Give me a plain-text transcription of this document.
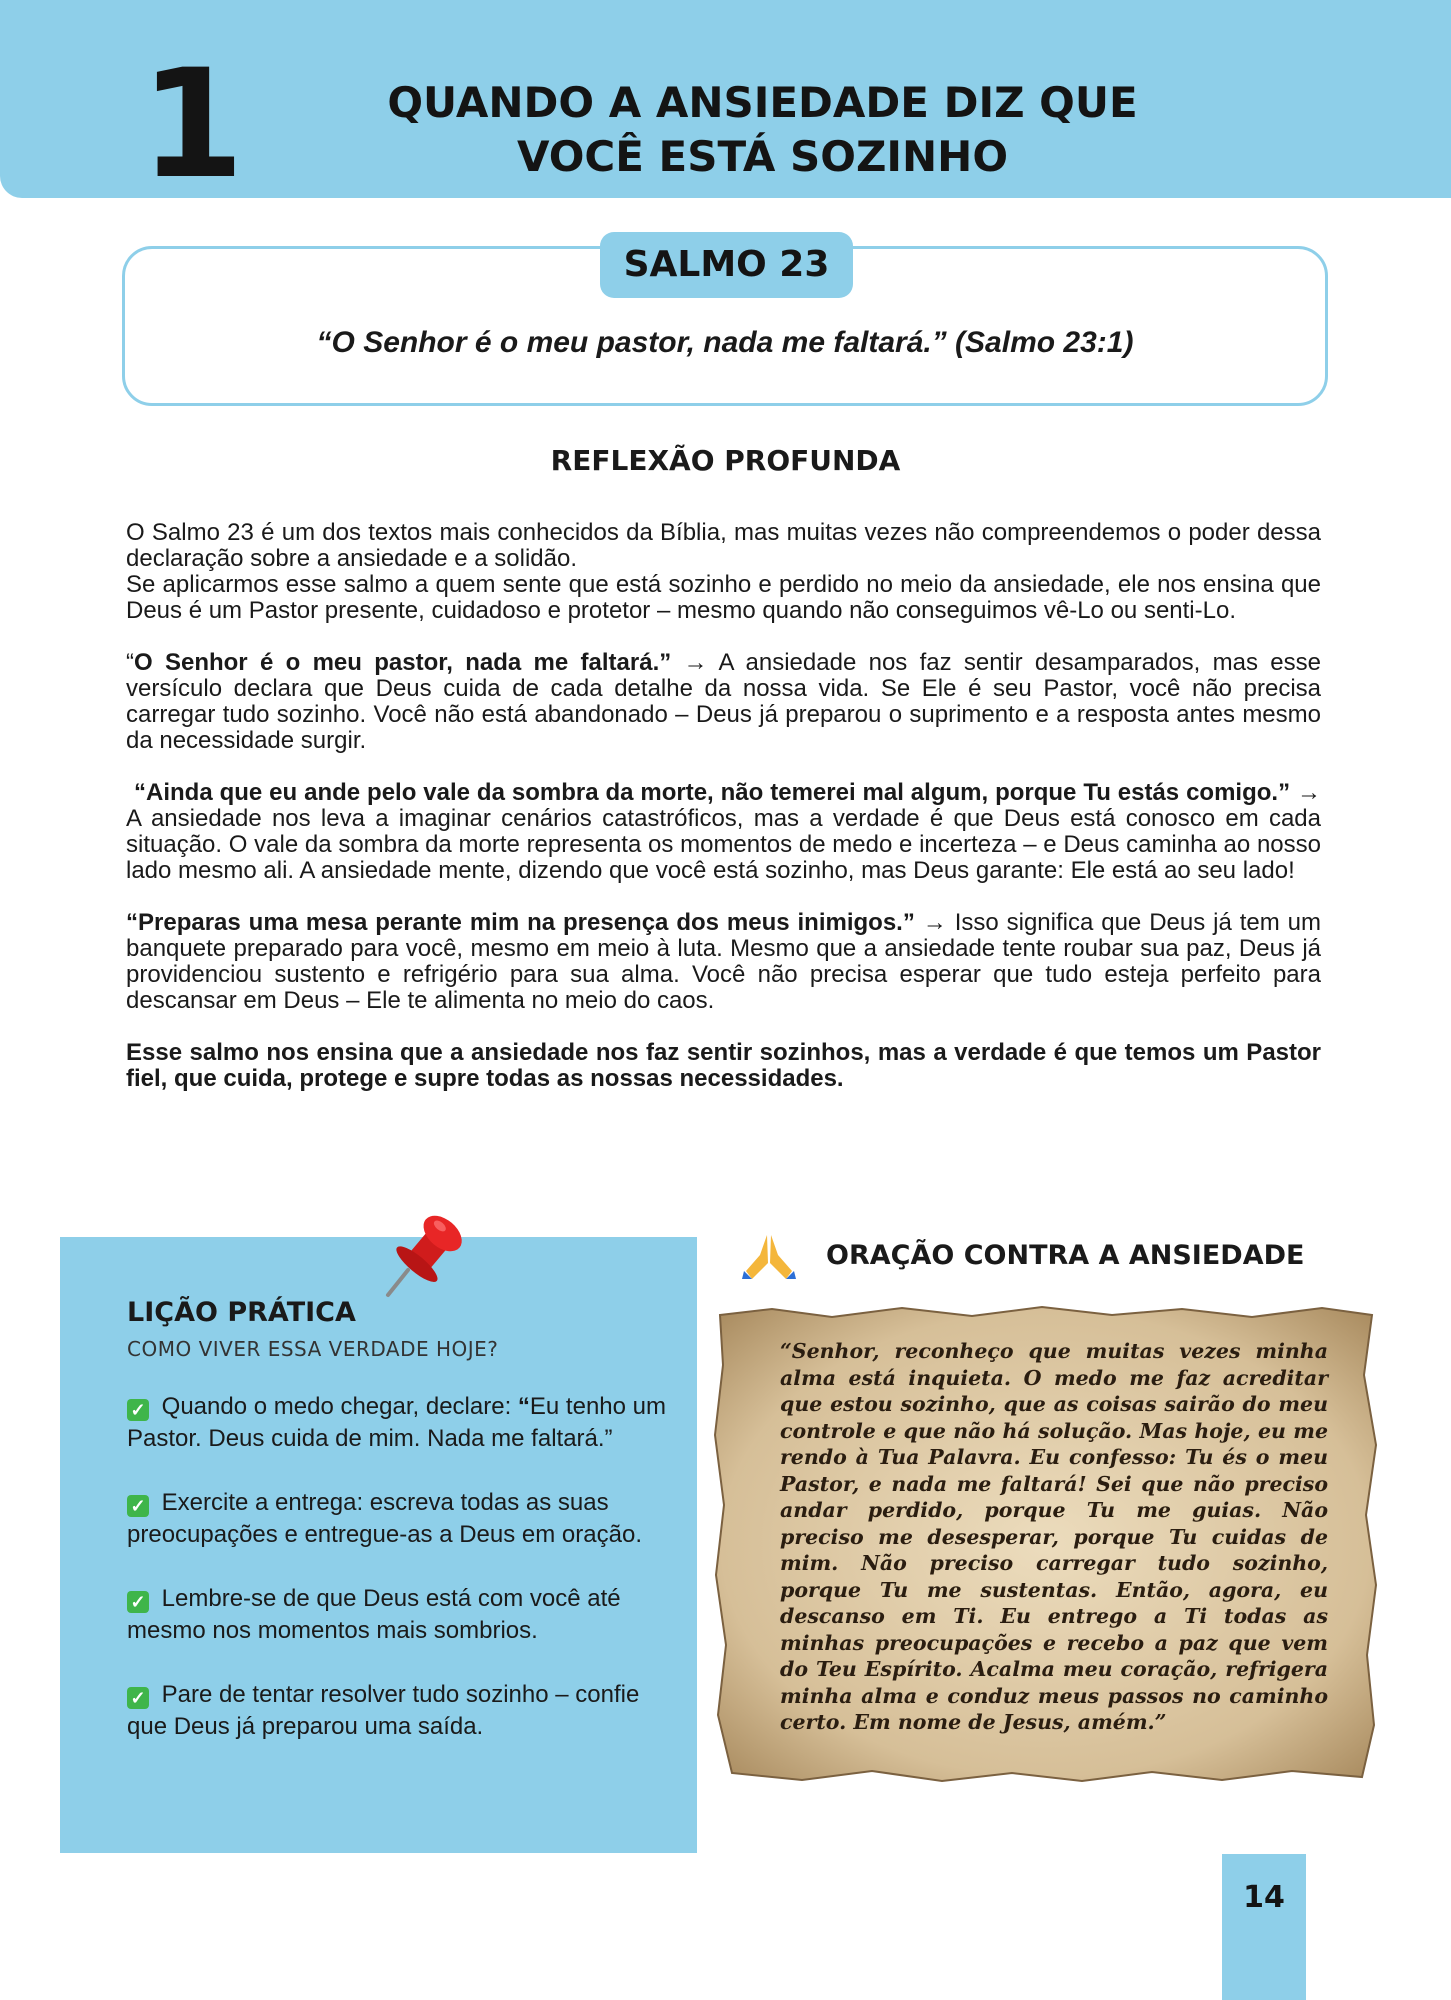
1	QUANDO A ANSIEDADE DIZ QUE
VOCÊ ESTÁ SOZINHO
SALMO 23
“O Senhor é o meu pastor, nada me faltará.” (Salmo 23:1)
REFLEXÃO PROFUNDA

O Salmo 23 é um dos textos mais conhecidos da Bíblia, mas muitas vezes não compreendemos o poder dessa declaração sobre a ansiedade e a solidão.

Se aplicarmos esse salmo a quem sente que está sozinho e perdido no meio da ansiedade, ele nos ensina que Deus é um Pastor presente, cuidadoso e protetor – mesmo quando não conseguimos vê-Lo ou senti-Lo.

“O Senhor é o meu pastor, nada me faltará.” → A ansiedade nos faz sentir desamparados, mas esse versículo declara que Deus cuida de cada detalhe da nossa vida. Se Ele é seu Pastor, você não precisa carregar tudo sozinho. Você não está abandonado – Deus já preparou o suprimento e a resposta antes mesmo da necessidade surgir.

“Ainda que eu ande pelo vale da sombra da morte, não temerei mal algum, porque Tu estás comigo.” → A ansiedade nos leva a imaginar cenários catastróficos, mas a verdade é que Deus está conosco em cada situação. O vale da sombra da morte representa os momentos de medo e incerteza – e Deus caminha ao nosso lado mesmo ali. A ansiedade mente, dizendo que você está sozinho, mas Deus garante: Ele está ao seu lado!

“Preparas uma mesa perante mim na presença dos meus inimigos.” → Isso significa que Deus já tem um banquete preparado para você, mesmo em meio à luta. Mesmo que a ansiedade tente roubar sua paz, Deus já providenciou sustento e refrigério para sua alma. Você não precisa esperar que tudo esteja perfeito para descansar em Deus – Ele te alimenta no meio do caos.

Esse salmo nos ensina que a ansiedade nos faz sentir sozinhos, mas a verdade é que temos um Pastor fiel, que cuida, protege e supre todas as nossas necessidades.

LIÇÃO PRÁTICA
COMO VIVER ESSA VERDADE HOJE?
✓ Quando o medo chegar, declare: “Eu tenho um Pastor. Deus cuida de mim. Nada me faltará.”
✓ Exercite a entrega: escreva todas as suas preocupações e entregue-as a Deus em oração.
✓ Lembre-se de que Deus está com você até mesmo nos momentos mais sombrios.
✓ Pare de tentar resolver tudo sozinho – confie que Deus já preparou uma saída.
ORAÇÃO CONTRA A ANSIEDADE
“Senhor, reconheço que muitas vezes minha alma está inquieta. O medo me faz acreditar que estou sozinho, que as coisas sairão do meu controle e que não há solução. Mas hoje, eu me rendo à Tua Palavra. Eu confesso: Tu és o meu Pastor, e nada me faltará! Sei que não preciso andar perdido, porque Tu me guias. Não preciso me desesperar, porque Tu cuidas de mim. Não preciso carregar tudo sozinho, porque Tu me sustentas. Então, agora, eu descanso em Ti. Eu entrego a Ti todas as minhas preocupações e recebo a paz que vem do Teu Espírito. Acalma meu coração, refrigera minha alma e conduz meus passos no caminho certo. Em nome de Jesus, amém.”
14
